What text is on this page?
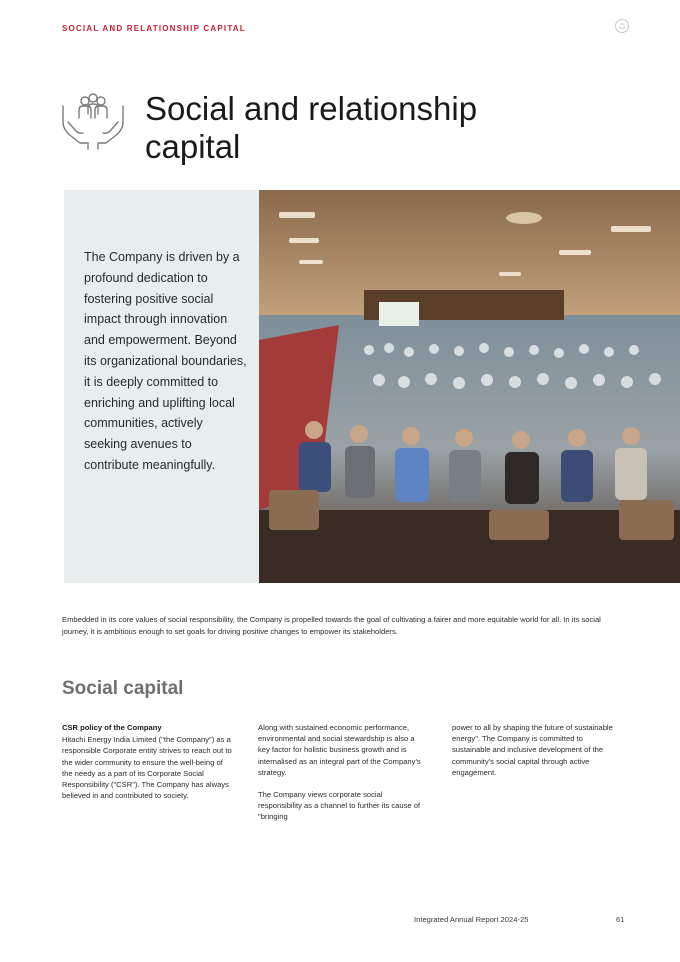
SOCIAL AND RELATIONSHIP CAPITAL
Social and relationship capital

The Company is driven by a profound dedication to fostering positive social impact through innovation and empowerment. Beyond its organizational boundaries, it is deeply committed to enriching and uplifting local communities, actively seeking avenues to contribute meaningfully.

Embedded in its core values of social responsibility, the Company is propelled towards the goal of cultivating a fairer and more equitable world for all. In its social journey, it is ambitious enough to set goals for driving positive changes to empower its stakeholders.

Social capital
CSR policy of the Company

Hitachi Energy India Limited ("the Company") as a responsible Corporate entity strives to reach out to the wider community to ensure the well-being of the needy as a part of its Corporate Social Responsibility ("CSR"). The Company has always believed in and contributed to society.

Along with sustained economic performance, environmental and social stewardship is also a key factor for holistic business growth and is internalised as an integral part of the Company's strategy.

The Company views corporate social responsibility as a channel to further its cause of "bringing

power to all by shaping the future of sustainable energy". The Company is committed to sustainable and inclusive development of the community's social capital through active engagement.

Integrated Annual Report 2024-25	61
